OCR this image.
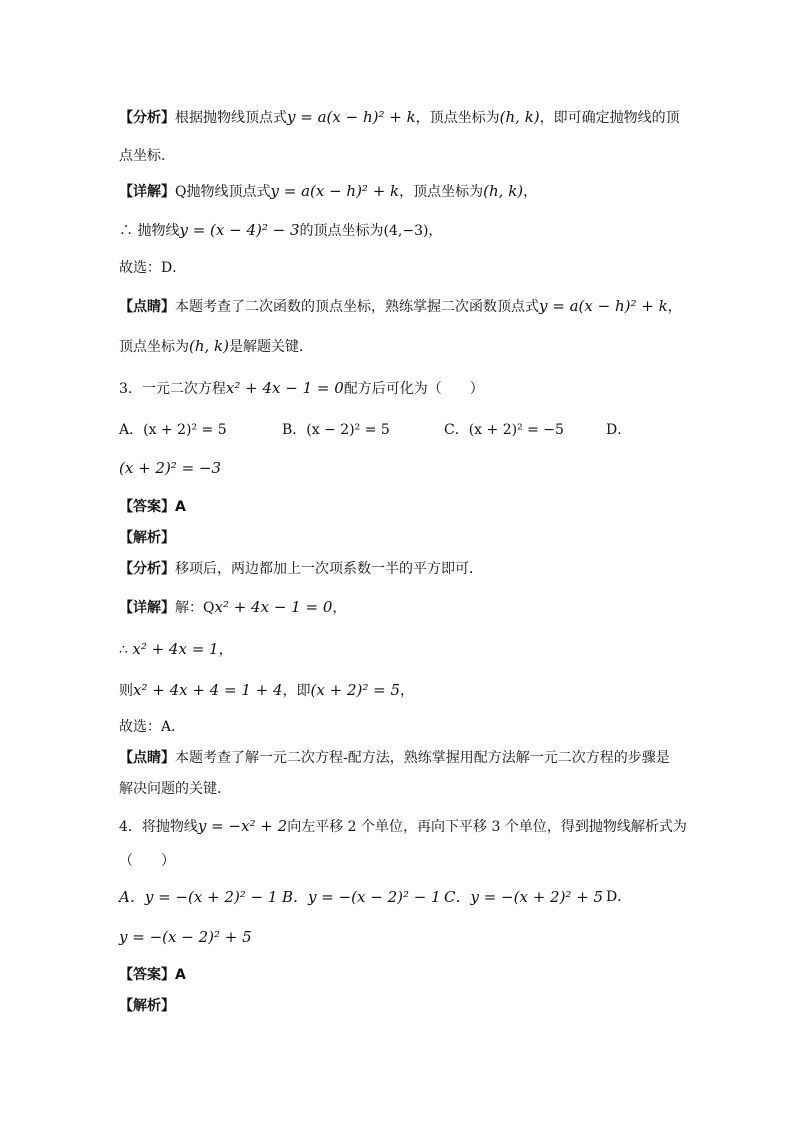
【分析】根据抛物线顶点式y = a(x − h)² + k，顶点坐标为(h, k)，即可确定抛物线的顶
点坐标．
【详解】Q抛物线顶点式y = a(x − h)² + k，顶点坐标为(h, k)，
∴ 抛物线y = (x − 4)² − 3的顶点坐标为(4,−3)，
故选：D．
【点睛】本题考查了二次函数的顶点坐标，熟练掌握二次函数顶点式y = a(x − h)² + k，
顶点坐标为(h, k)是解题关键．
3．一元二次方程x² + 4x − 1 = 0配方后可化为（　　）
A．(x + 2)² = 5	B．(x − 2)² = 5	C．(x + 2)² = −5	D．
(x + 2)² = −3
【答案】A
【解析】
【分析】移项后，两边都加上一次项系数一半的平方即可．
【详解】解：Qx² + 4x − 1 = 0，
∴ x² + 4x = 1，
则x² + 4x + 4 = 1 + 4，即(x + 2)² = 5，
故选：A．
【点睛】本题考查了解一元二次方程-配方法，熟练掌握用配方法解一元二次方程的步骤是
解决问题的关键．
4．将抛物线y = −x² + 2向左平移 2 个单位，再向下平移 3 个单位，得到抛物线解析式为
（　　）
A．y = −(x + 2)² − 1 B．y = −(x − 2)² − 1 C．y = −(x + 2)² + 5 D．
y = −(x − 2)² + 5
【答案】A
【解析】
